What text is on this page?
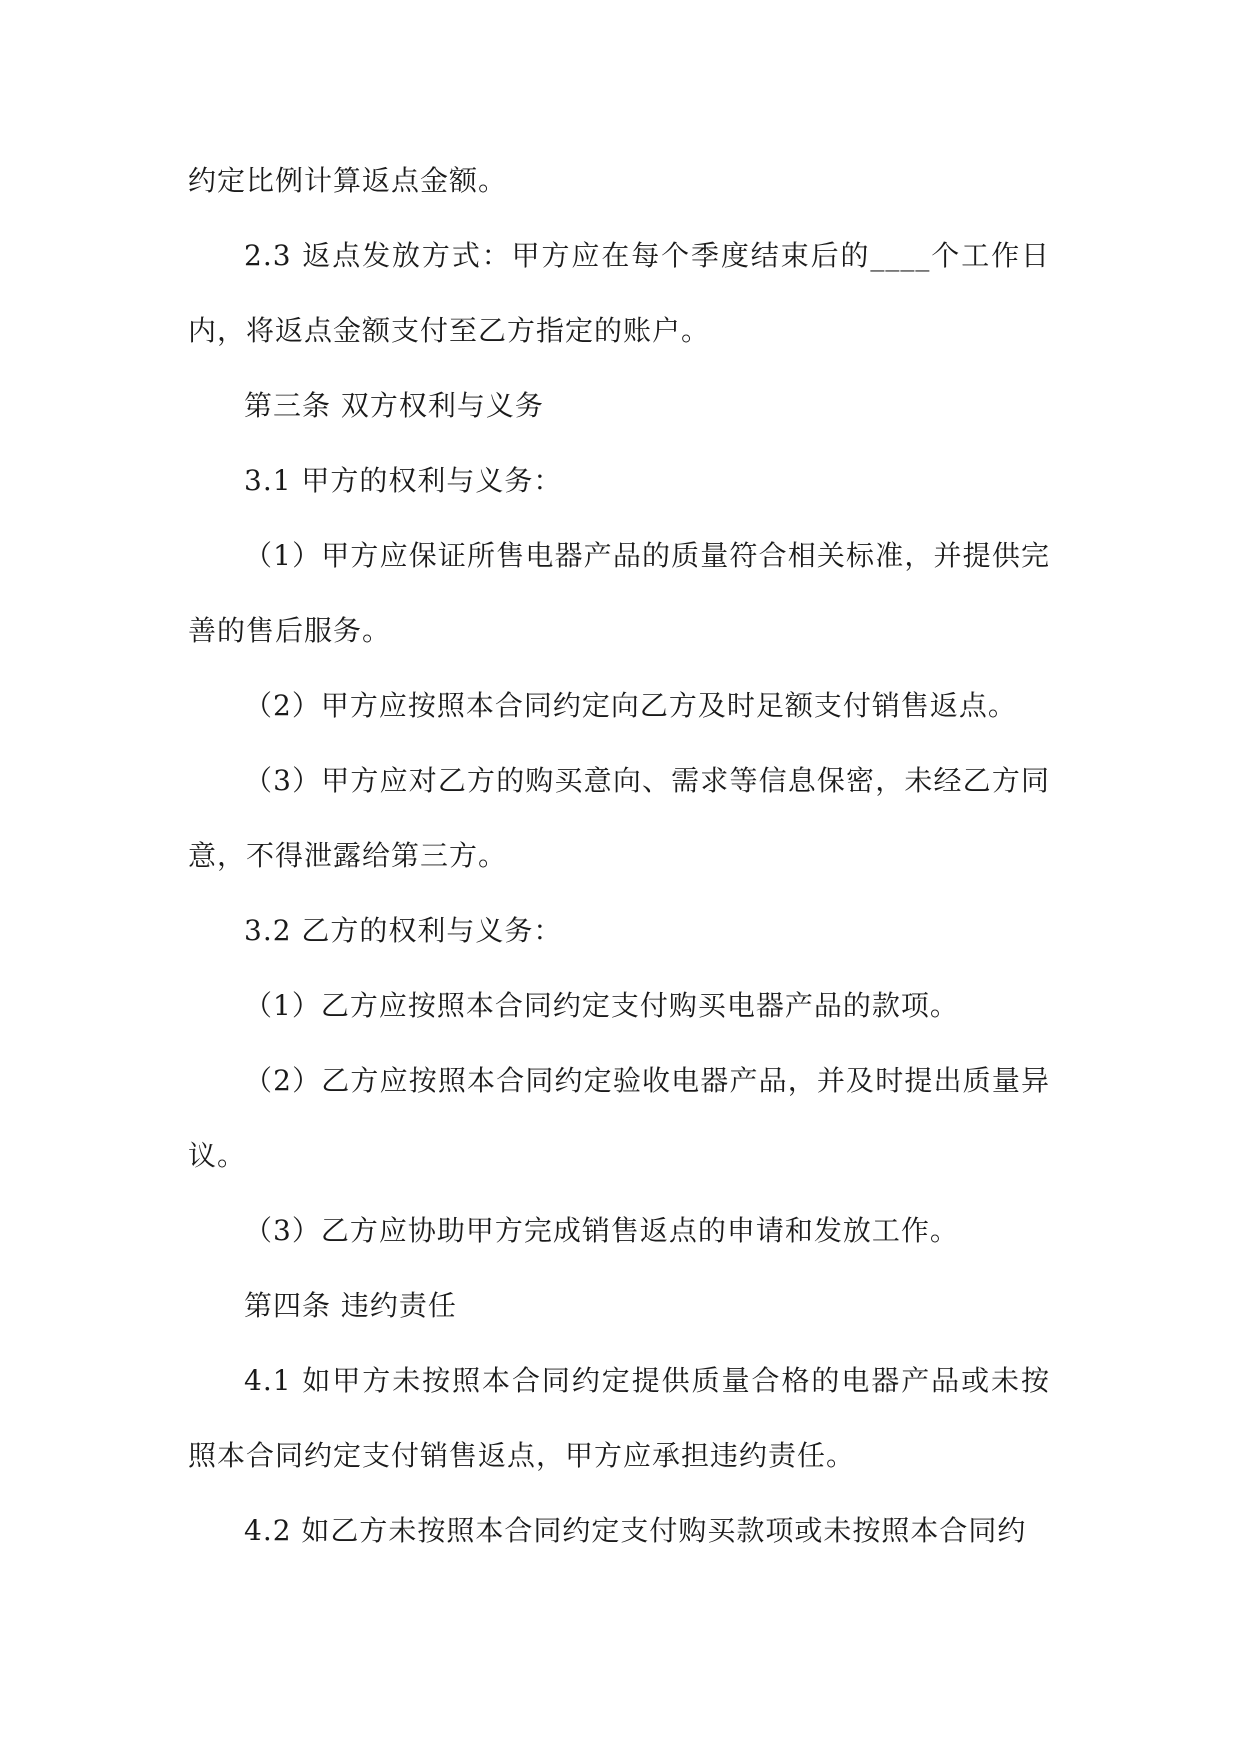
约定比例计算返点金额。

2.3 返点发放方式：甲方应在每个季度结束后的____个工作日内，将返点金额支付至乙方指定的账户。

第三条 双方权利与义务

3.1 甲方的权利与义务：

（1）甲方应保证所售电器产品的质量符合相关标准，并提供完善的售后服务。

（2）甲方应按照本合同约定向乙方及时足额支付销售返点。

（3）甲方应对乙方的购买意向、需求等信息保密，未经乙方同意，不得泄露给第三方。

3.2 乙方的权利与义务：

（1）乙方应按照本合同约定支付购买电器产品的款项。

（2）乙方应按照本合同约定验收电器产品，并及时提出质量异议。

（3）乙方应协助甲方完成销售返点的申请和发放工作。

第四条 违约责任

4.1 如甲方未按照本合同约定提供质量合格的电器产品或未按照本合同约定支付销售返点，甲方应承担违约责任。

4.2 如乙方未按照本合同约定支付购买款项或未按照本合同约
